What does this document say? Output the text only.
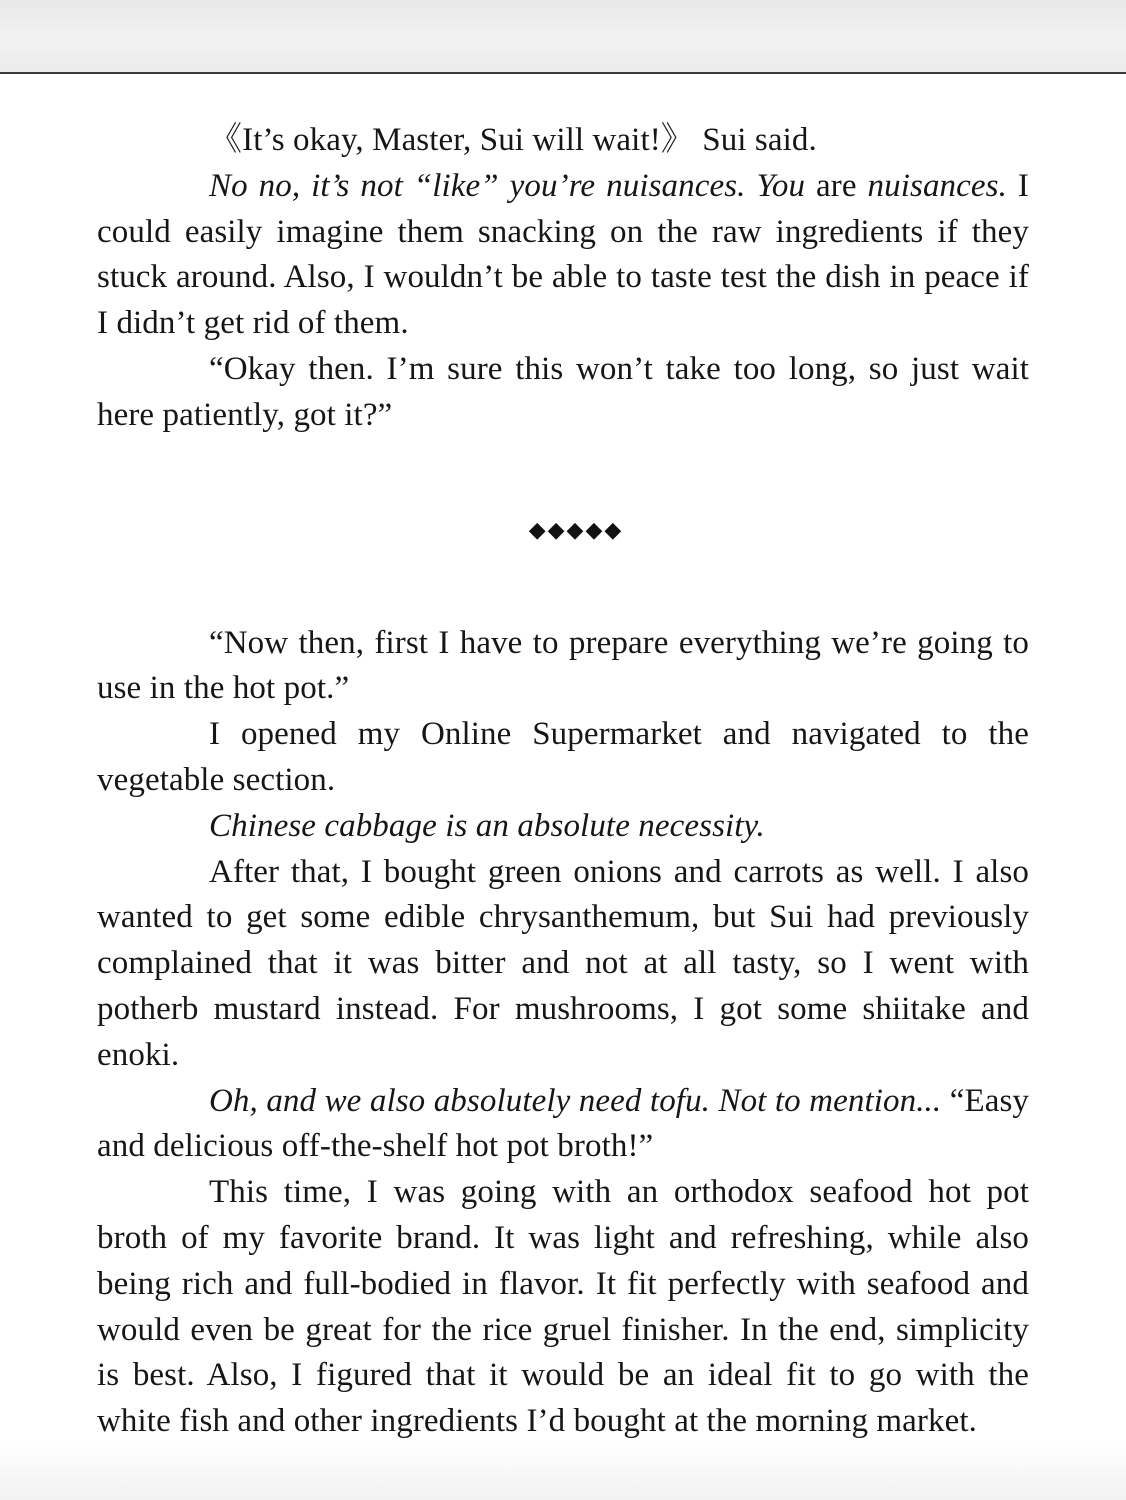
《It’s okay, Master, Sui will wait!》 Sui said.

No no, it’s not “like” you’re nuisances. You are nuisances. I could easily imagine them snacking on the raw ingredients if they stuck around. Also, I wouldn’t be able to taste test the dish in peace if I didn’t get rid of them.

“Okay then. I’m sure this won’t take too long, so just wait here patiently, got it?”

◆◆◆◆◆

“Now then, first I have to prepare everything we’re going to use in the hot pot.”

I opened my Online Supermarket and navigated to the vegetable section.

Chinese cabbage is an absolute necessity.

After that, I bought green onions and carrots as well. I also wanted to get some edible chrysanthemum, but Sui had previously complained that it was bitter and not at all tasty, so I went with potherb mustard instead. For mushrooms, I got some shiitake and enoki.

Oh, and we also absolutely need tofu. Not to mention... “Easy and delicious off-the-shelf hot pot broth!”

This time, I was going with an orthodox seafood hot pot broth of my favorite brand. It was light and refreshing, while also being rich and full-bodied in flavor. It fit perfectly with seafood and would even be great for the rice gruel finisher. In the end, simplicity is best. Also, I figured that it would be an ideal fit to go with the white fish and other ingredients I’d bought at the morning market.
